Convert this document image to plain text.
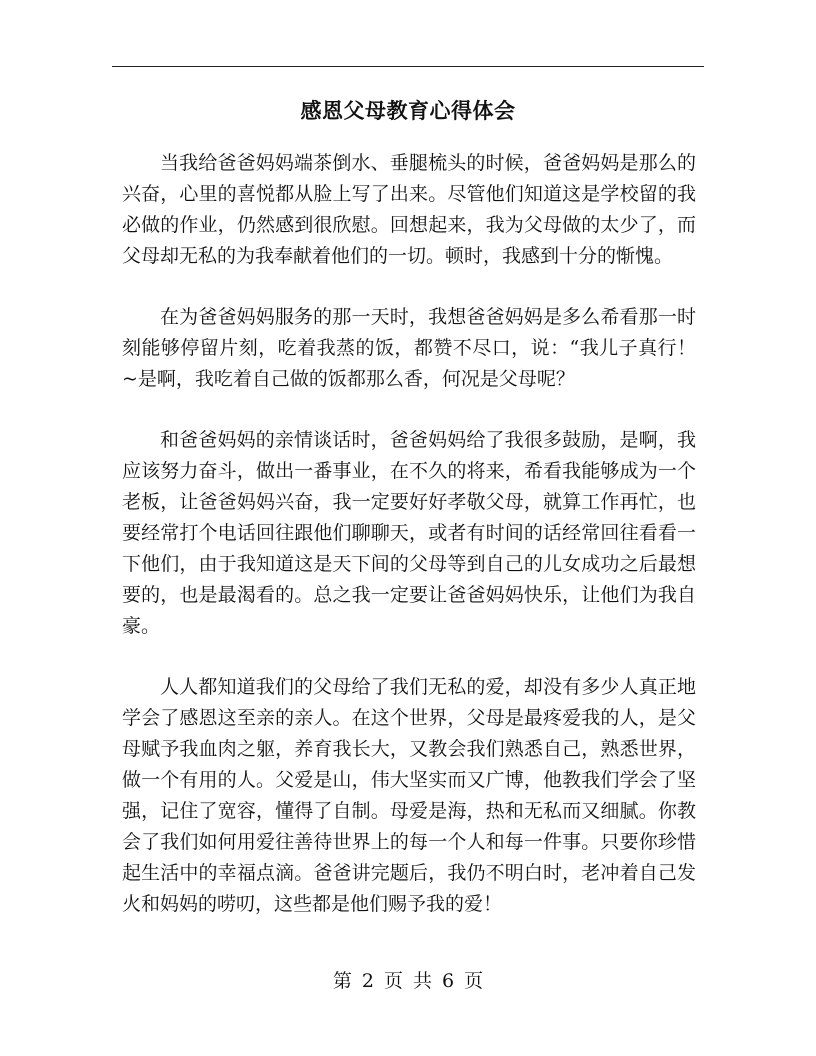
感恩父母教育心得体会

当我给爸爸妈妈端茶倒水、垂腿梳头的时候，爸爸妈妈是那么的兴奋，心里的喜悦都从脸上写了出来。尽管他们知道这是学校留的我必做的作业，仍然感到很欣慰。回想起来，我为父母做的太少了，而父母却无私的为我奉献着他们的一切。顿时，我感到十分的惭愧。

在为爸爸妈妈服务的那一天时，我想爸爸妈妈是多么希看那一时刻能够停留片刻，吃着我蒸的饭，都赞不尽口，说：“我儿子真行！~是啊，我吃着自己做的饭都那么香，何况是父母呢？

和爸爸妈妈的亲情谈话时，爸爸妈妈给了我很多鼓励，是啊，我应该努力奋斗，做出一番事业，在不久的将来，希看我能够成为一个老板，让爸爸妈妈兴奋，我一定要好好孝敬父母，就算工作再忙，也要经常打个电话回往跟他们聊聊天，或者有时间的话经常回往看看一下他们，由于我知道这是天下间的父母等到自己的儿女成功之后最想要的，也是最渴看的。总之我一定要让爸爸妈妈快乐，让他们为我自豪。

人人都知道我们的父母给了我们无私的爱，却没有多少人真正地学会了感恩这至亲的亲人。在这个世界，父母是最疼爱我的人，是父母赋予我血肉之躯，养育我长大，又教会我们熟悉自己，熟悉世界，做一个有用的人。父爱是山，伟大坚实而又广博，他教我们学会了坚强，记住了宽容，懂得了自制。母爱是海，热和无私而又细腻。你教会了我们如何用爱往善待世界上的每一个人和每一件事。只要你珍惜起生活中的幸福点滴。爸爸讲完题后，我仍不明白时，老冲着自己发火和妈妈的唠叨，这些都是他们赐予我的爱！

第 2 页 共 6 页
